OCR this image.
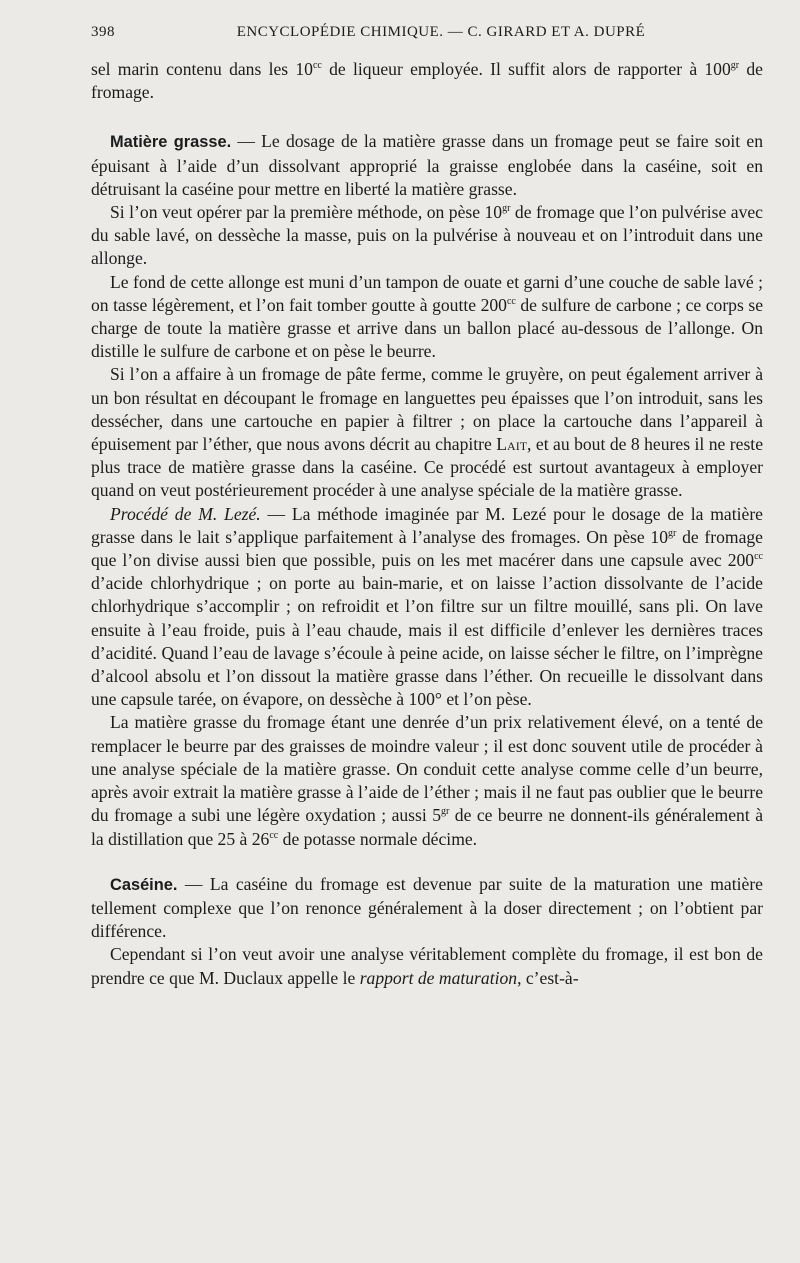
398	ENCYCLOPÉDIE CHIMIQUE. — C. GIRARD ET A. DUPRÉ

sel marin contenu dans les $10^{cc}$ de liqueur employée. Il suffit alors de rapporter à $100^{gr}$ de fromage.

Matière grasse. — Le dosage de la matière grasse dans un fromage peut se faire soit en épuisant à l’aide d’un dissolvant approprié la graisse englobée dans la caséine, soit en détruisant la caséine pour mettre en liberté la matière grasse.

Si l’on veut opérer par la première méthode, on pèse $10^{gr}$ de fromage que l’on pulvérise avec du sable lavé, on dessèche la masse, puis on la pulvérise à nouveau et on l’introduit dans une allonge.

Le fond de cette allonge est muni d’un tampon de ouate et garni d’une couche de sable lavé ; on tasse légèrement, et l’on fait tomber goutte à goutte $200^{cc}$ de sulfure de carbone ; ce corps se charge de toute la matière grasse et arrive dans un ballon placé au-dessous de l’allonge. On distille le sulfure de carbone et on pèse le beurre.

Si l’on a affaire à un fromage de pâte ferme, comme le gruyère, on peut également arriver à un bon résultat en découpant le fromage en languettes peu épaisses que l’on introduit, sans les dessécher, dans une cartouche en papier à filtrer ; on place la cartouche dans l’appareil à épuisement par l’éther, que nous avons décrit au chapitre Lait, et au bout de 8 heures il ne reste plus trace de matière grasse dans la caséine. Ce procédé est surtout avantageux à employer quand on veut postérieurement procéder à une analyse spéciale de la matière grasse.

Procédé de M. Lezé. — La méthode imaginée par M. Lezé pour le dosage de la matière grasse dans le lait s’applique parfaitement à l’analyse des fromages. On pèse $10^{gr}$ de fromage que l’on divise aussi bien que possible, puis on les met macérer dans une capsule avec $200^{cc}$ d’acide chlorhydrique ; on porte au bain-marie, et on laisse l’action dissolvante de l’acide chlorhydrique s’accomplir ; on refroidit et l’on filtre sur un filtre mouillé, sans pli. On lave ensuite à l’eau froide, puis à l’eau chaude, mais il est difficile d’enlever les dernières traces d’acidité. Quand l’eau de lavage s’écoule à peine acide, on laisse sécher le filtre, on l’imprègne d’alcool absolu et l’on dissout la matière grasse dans l’éther. On recueille le dissolvant dans une capsule tarée, on évapore, on dessèche à 100° et l’on pèse.

La matière grasse du fromage étant une denrée d’un prix relativement élevé, on a tenté de remplacer le beurre par des graisses de moindre valeur ; il est donc souvent utile de procéder à une analyse spéciale de la matière grasse. On conduit cette analyse comme celle d’un beurre, après avoir extrait la matière grasse à l’aide de l’éther ; mais il ne faut pas oublier que le beurre du fromage a subi une légère oxydation ; aussi $5^{gr}$ de ce beurre ne donnent-ils généralement à la distillation que 25 à $26^{cc}$ de potasse normale décime.

Caséine. — La caséine du fromage est devenue par suite de la maturation une matière tellement complexe que l’on renonce généralement à la doser directement ; on l’obtient par différence.

Cependant si l’on veut avoir une analyse véritablement complète du fromage, il est bon de prendre ce que M. Duclaux appelle le rapport de maturation, c’est-à-
